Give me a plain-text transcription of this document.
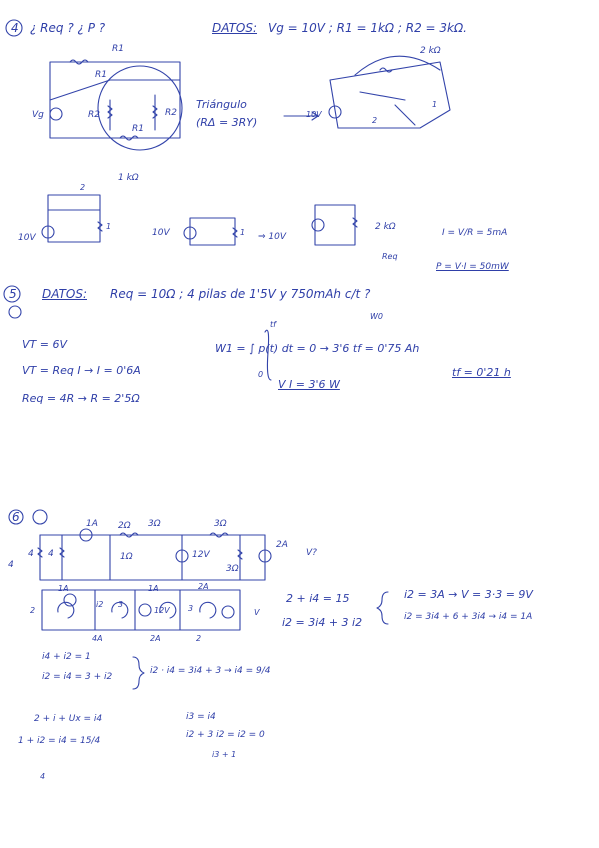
4 ¿ Req ? ¿ P ?	DATOS: Vg = 10V ; R1 = 1kΩ ; R2 = 3kΩ.
R1
R1
R2	R2
R1
Vg
Triángulo
(RΔ = 3RY)
2 kΩ
1
2
10V
1 kΩ
2
10V
1
10V	1 ⇒ 10V
2 kΩ
Req
I = V/R = 5mA
P = V·I = 50mW
5 DATOS: Req = 10Ω ; 4 pilas de 1'5V y 750mAh c/t ?
W0
VT = 6V
VT = Req I → I = 0'6A
Req = 4R → R = 2'5Ω
W1 = ∫ p(t) dt = 0 → 3'6 tf = 0'75 Ah
tf
0
V I = 3'6 W
tf = 0'21 h
6	1A 2Ω 3Ω	3Ω
4
4 4	1Ω	12V
3Ω
2A
V?
2
1A
i2 3
1A	2A
12V 3	V
4A	2A	2
2 + i4 = 15
i2 = 3i4 + 3 i2
i2 = 3A → V = 3·3 = 9V
i2 = 3i4 + 6 + 3i4 → i4 = 1A
i4 + i2 = 1
i2 = i4 = 3 + i2
i2 · i4 = 3i4 + 3 → i4 = 9/4
2 + i + Ux = i4
1 + i2 = i4 = 15/4
4
i3 = i4
i2 + 3 i2 = i2 = 0
i3 + 1
